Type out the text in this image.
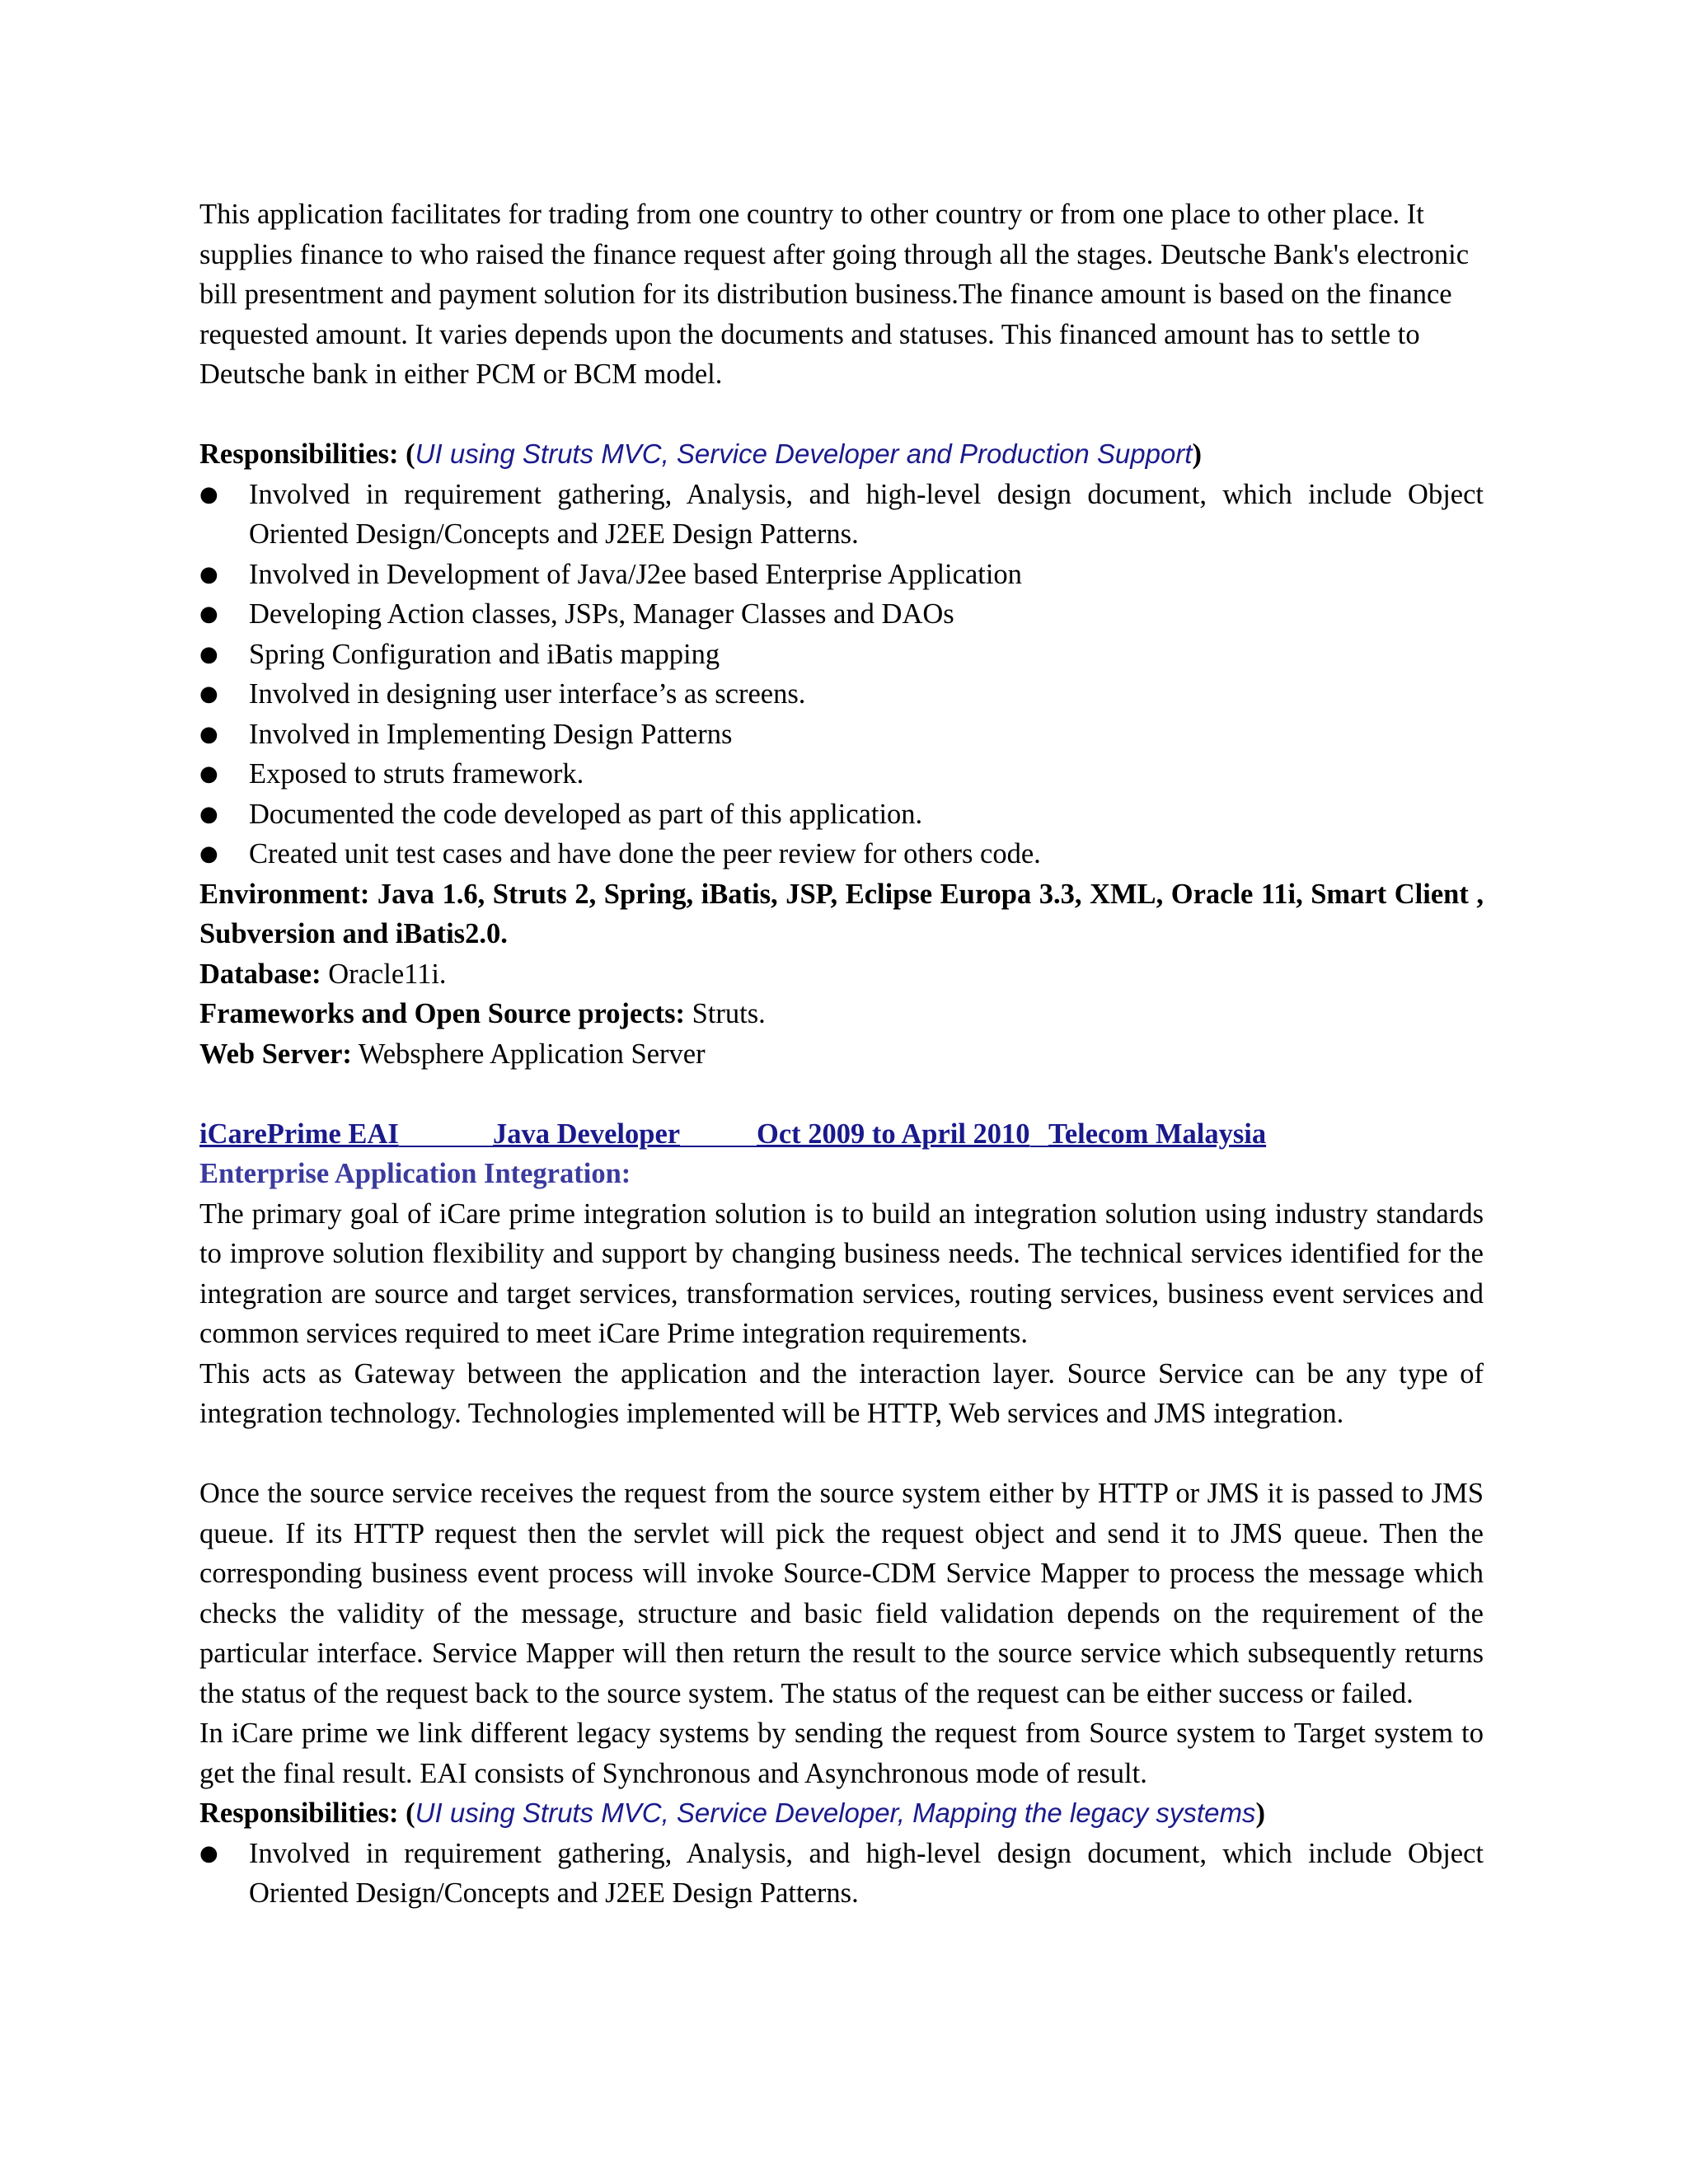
This application facilitates for trading from one country to other country or from one place to other place. It supplies finance to who raised the finance request after going through all the stages. Deutsche Bank's electronic bill presentment and payment solution for its distribution business.The finance amount is based on the finance requested amount. It varies depends upon the documents and statuses. This financed amount has to settle to Deutsche bank in either PCM or BCM model.

Responsibilities: (UI using Struts MVC, Service Developer and Production Support)

● Involved in requirement gathering, Analysis, and high-level design document, which include Object Oriented Design/Concepts and J2EE Design Patterns.
● Involved in Development of Java/J2ee based Enterprise Application
● Developing Action classes, JSPs, Manager Classes and DAOs
● Spring Configuration and iBatis mapping
● Involved in designing user interface’s as screens.
● Involved in Implementing Design Patterns
● Exposed to struts framework.
● Documented the code developed as part of this application.
● Created unit test cases and have done the peer review for others code.

Environment: Java 1.6, Struts 2, Spring, iBatis, JSP, Eclipse Europa 3.3, XML, Oracle 11i, Smart Client , Subversion and iBatis2.0.

Database: Oracle11i.

Frameworks and Open Source projects: Struts.

Web Server: Websphere Application Server

iCarePrime EAI	Java Developer	Oct 2009 to April 2010 Telecom Malaysia

Enterprise Application Integration:

The primary goal of iCare prime integration solution is to build an integration solution using industry standards to improve solution flexibility and support by changing business needs. The technical services identified for the integration are source and target services, transformation services, routing services, business event services and common services required to meet iCare Prime integration requirements.

This acts as Gateway between the application and the interaction layer. Source Service can be any type of integration technology. Technologies implemented will be HTTP, Web services and JMS integration.

Once the source service receives the request from the source system either by HTTP or JMS it is passed to JMS queue. If its HTTP request then the servlet will pick the request object and send it to JMS queue. Then the corresponding business event process will invoke Source-CDM Service Mapper to process the message which checks the validity of the message, structure and basic field validation depends on the requirement of the particular interface. Service Mapper will then return the result to the source service which subsequently returns the status of the request back to the source system. The status of the request can be either success or failed.

In iCare prime we link different legacy systems by sending the request from Source system to Target system to get the final result. EAI consists of Synchronous and Asynchronous mode of result.

Responsibilities: (UI using Struts MVC, Service Developer, Mapping the legacy systems)

● Involved in requirement gathering, Analysis, and high-level design document, which include Object Oriented Design/Concepts and J2EE Design Patterns.
